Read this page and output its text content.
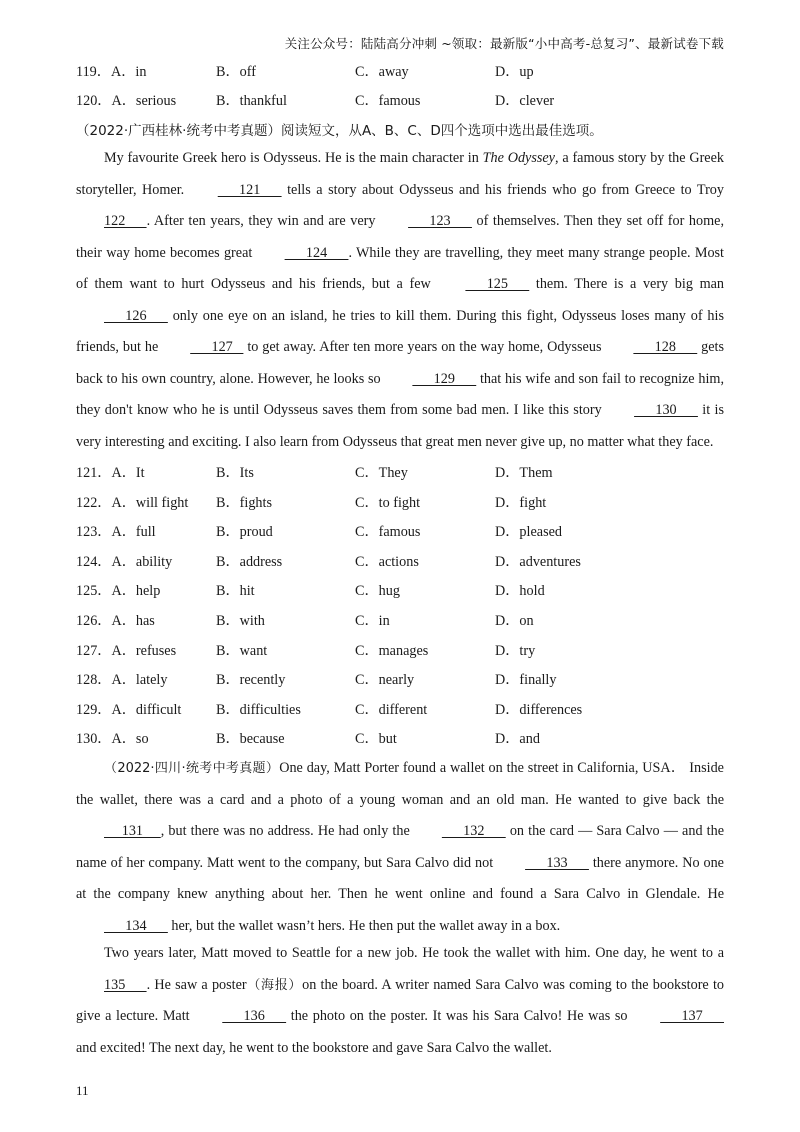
关注公众号：陆陆高分冲刺 ~领取：最新版“小中高考-总复习”、最新试卷下载
119．A．in	B．off	C．away	D．up
120．A．serious	B．thankful	C．famous	D．clever
（2022·广西桂林·统考中考真题）阅读短文，从A、B、C、D四个选项中选出最佳选项。
My favourite Greek hero is Odysseus. He is the main character in The Odyssey, a famous story by the Greek storyteller, Homer.       121       tells a story about Odysseus and his friends who go from Greece to Troy 122      . After ten years, they win and are very       123       of themselves. Then they set off for home, their way home becomes great       124      . While they are travelling, they meet many strange people. Most of them want to hurt Odysseus and his friends, but a few       125       them. There is a very big man       126       only one eye on an island, he tries to kill them. During this fight, Odysseus loses many of his friends, but he       127    to get away. After ten more years on the way home, Odysseus       128       gets back to his own country, alone. However, he looks so       129       that his wife and son fail to recognize him, they don't know who he is until Odysseus saves them from some bad men. I like this story       130       it is very interesting and exciting. I also learn from Odysseus that great men never give up, no matter what they face.
121．A．It	B．Its	C．They	D．Them
122．A．will fight B．fights	C．to fight	D．fight
123．A．full	B．proud	C．famous	D．pleased
124．A．ability	B．address	C．actions	D．adventures
125．A．help	B．hit	C．hug	D．hold
126．A．has	B．with	C．in	D．on
127．A．refuses	B．want	C．manages	D．try
128．A．lately	B．recently	C．nearly	D．finally
129．A．difficult B．difficulties	C．different	D．differences
130．A．so	B．because	C．but	D．and
（2022·四川·统考中考真题）One day, Matt Porter found a wallet on the street in California, USA． Inside the wallet, there was a card and a photo of a young woman and an old man. He wanted to give back the      131     , but there was no address. He had only the       132       on the card — Sara Calvo — and the name of her company. Matt went to the company, but Sara Calvo did not       133       there anymore. No one at the company knew anything about her. Then he went online and found a Sara Calvo in Glendale. He       134       her, but the wallet wasn’t hers. He then put the wallet away in a box.
Two years later, Matt moved to Seattle for a new job. He took the wallet with him. One day, he went to a 135      . He saw a poster（海报）on the board. A writer named Sara Calvo was coming to the bookstore to give a lecture. Matt       136       the photo on the poster. It was his Sara Calvo! He was so       137       and excited! The next day, he went to the bookstore and gave Sara Calvo the wallet.
11
